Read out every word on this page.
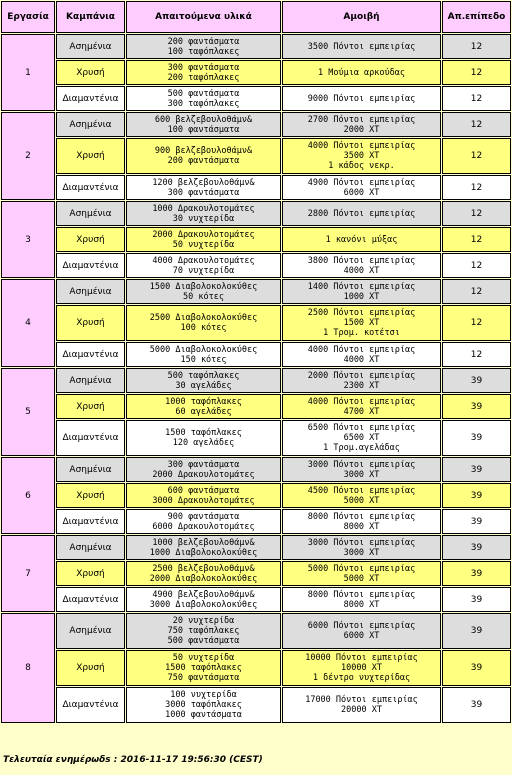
Εργασία	Καμπάνια	Απαιτούμενα υλικά	Αμοιβή	Απ.επίπεδο
1	Ασημένια	200 φαντάσματα
100 ταφόπλακες	3500 Πόντοι εμπειρίας	12
	Χρυσή	300 φαντάσματα
200 ταφόπλακες	1 Μούμια αρκούδας	12
	Διαμαντένια	500 φαντάσματα
300 ταφόπλακες	9000 Πόντοι εμπειρίας	12
2	Ασημένια	600 βελζεβουλοθάμν&
100 φαντάσματα	2700 Πόντοι εμπειρίας
2000 XT	12
	Χρυσή	900 βελζεβουλοθάμν&
200 φαντάσματα	4000 Πόντοι εμπειρίας
3500 XT
1 κάδος νεκρ.	12
	Διαμαντένια	1200 βελζεβουλοθάμν&
300 φαντάσματα	4900 Πόντοι εμπειρίας
6000 XT	12
3	Ασημένια	1000 Δρακουλοτομάτες
30 νυχτερίδα	2800 Πόντοι εμπειρίας	12
	Χρυσή	2000 Δρακουλοτομάτες
50 νυχτερίδα	1 κανόνι μύξας	12
	Διαμαντένια	4000 Δρακουλοτομάτες
70 νυχτερίδα	3800 Πόντοι εμπειρίας
4000 XT	12
4	Ασημένια	1500 Διαβολοκολοκύθες
50 κότες	1400 Πόντοι εμπειρίας
1000 XT	12
	Χρυσή	2500 Διαβολοκολοκύθες
100 κότες	2500 Πόντοι εμπειρίας
1500 XT
1 Τρομ. κοτέτσι	12
	Διαμαντένια	5000 Διαβολοκολοκύθες
150 κότες	4000 Πόντοι εμπειρίας
4000 XT	12
5	Ασημένια	500 ταφόπλακες
30 αγελάδες	2000 Πόντοι εμπειρίας
2300 XT	39
	Χρυσή	1000 ταφόπλακες
60 αγελάδες	4000 Πόντοι εμπειρίας
4700 XT	39
	Διαμαντένια	1500 ταφόπλακες
120 αγελάδες	6500 Πόντοι εμπειρίας
6500 XT
1 Τρομ.αγελάδας	39
6	Ασημένια	300 φαντάσματα
2000 Δρακουλοτομάτες	3000 Πόντοι εμπειρίας
3000 XT	39
	Χρυσή	600 φαντάσματα
3000 Δρακουλοτομάτες	4500 Πόντοι εμπειρίας
5000 XT	39
	Διαμαντένια	900 φαντάσματα
6000 Δρακουλοτομάτες	8000 Πόντοι εμπειρίας
8000 XT	39
7	Ασημένια	1000 βελζεβουλοθάμν&
1000 Διαβολοκολοκύθες	3000 Πόντοι εμπειρίας
3000 XT	39
	Χρυσή	2500 βελζεβουλοθάμν&
2000 Διαβολοκολοκύθες	5000 Πόντοι εμπειρίας
5000 XT	39
	Διαμαντένια	4900 βελζεβουλοθάμν&
3000 Διαβολοκολοκύθες	8000 Πόντοι εμπειρίας
8000 XT	39
8	Ασημένια	20 νυχτερίδα
750 ταφόπλακες
500 φαντάσματα	6000 Πόντοι εμπειρίας
6000 XT	39
	Χρυσή	50 νυχτερίδα
1500 ταφόπλακες
750 φαντάσματα	10000 Πόντοι εμπειρίας
10000 XT
1 δέντρο νυχτερίδας	39
	Διαμαντένια	100 νυχτερίδα
3000 ταφόπλακες
1000 φαντάσματα	17000 Πόντοι εμπειρίας
20000 XT	39
Τελευταία ενημέρωδs : 2016-11-17 19:56:30 (CEST)
